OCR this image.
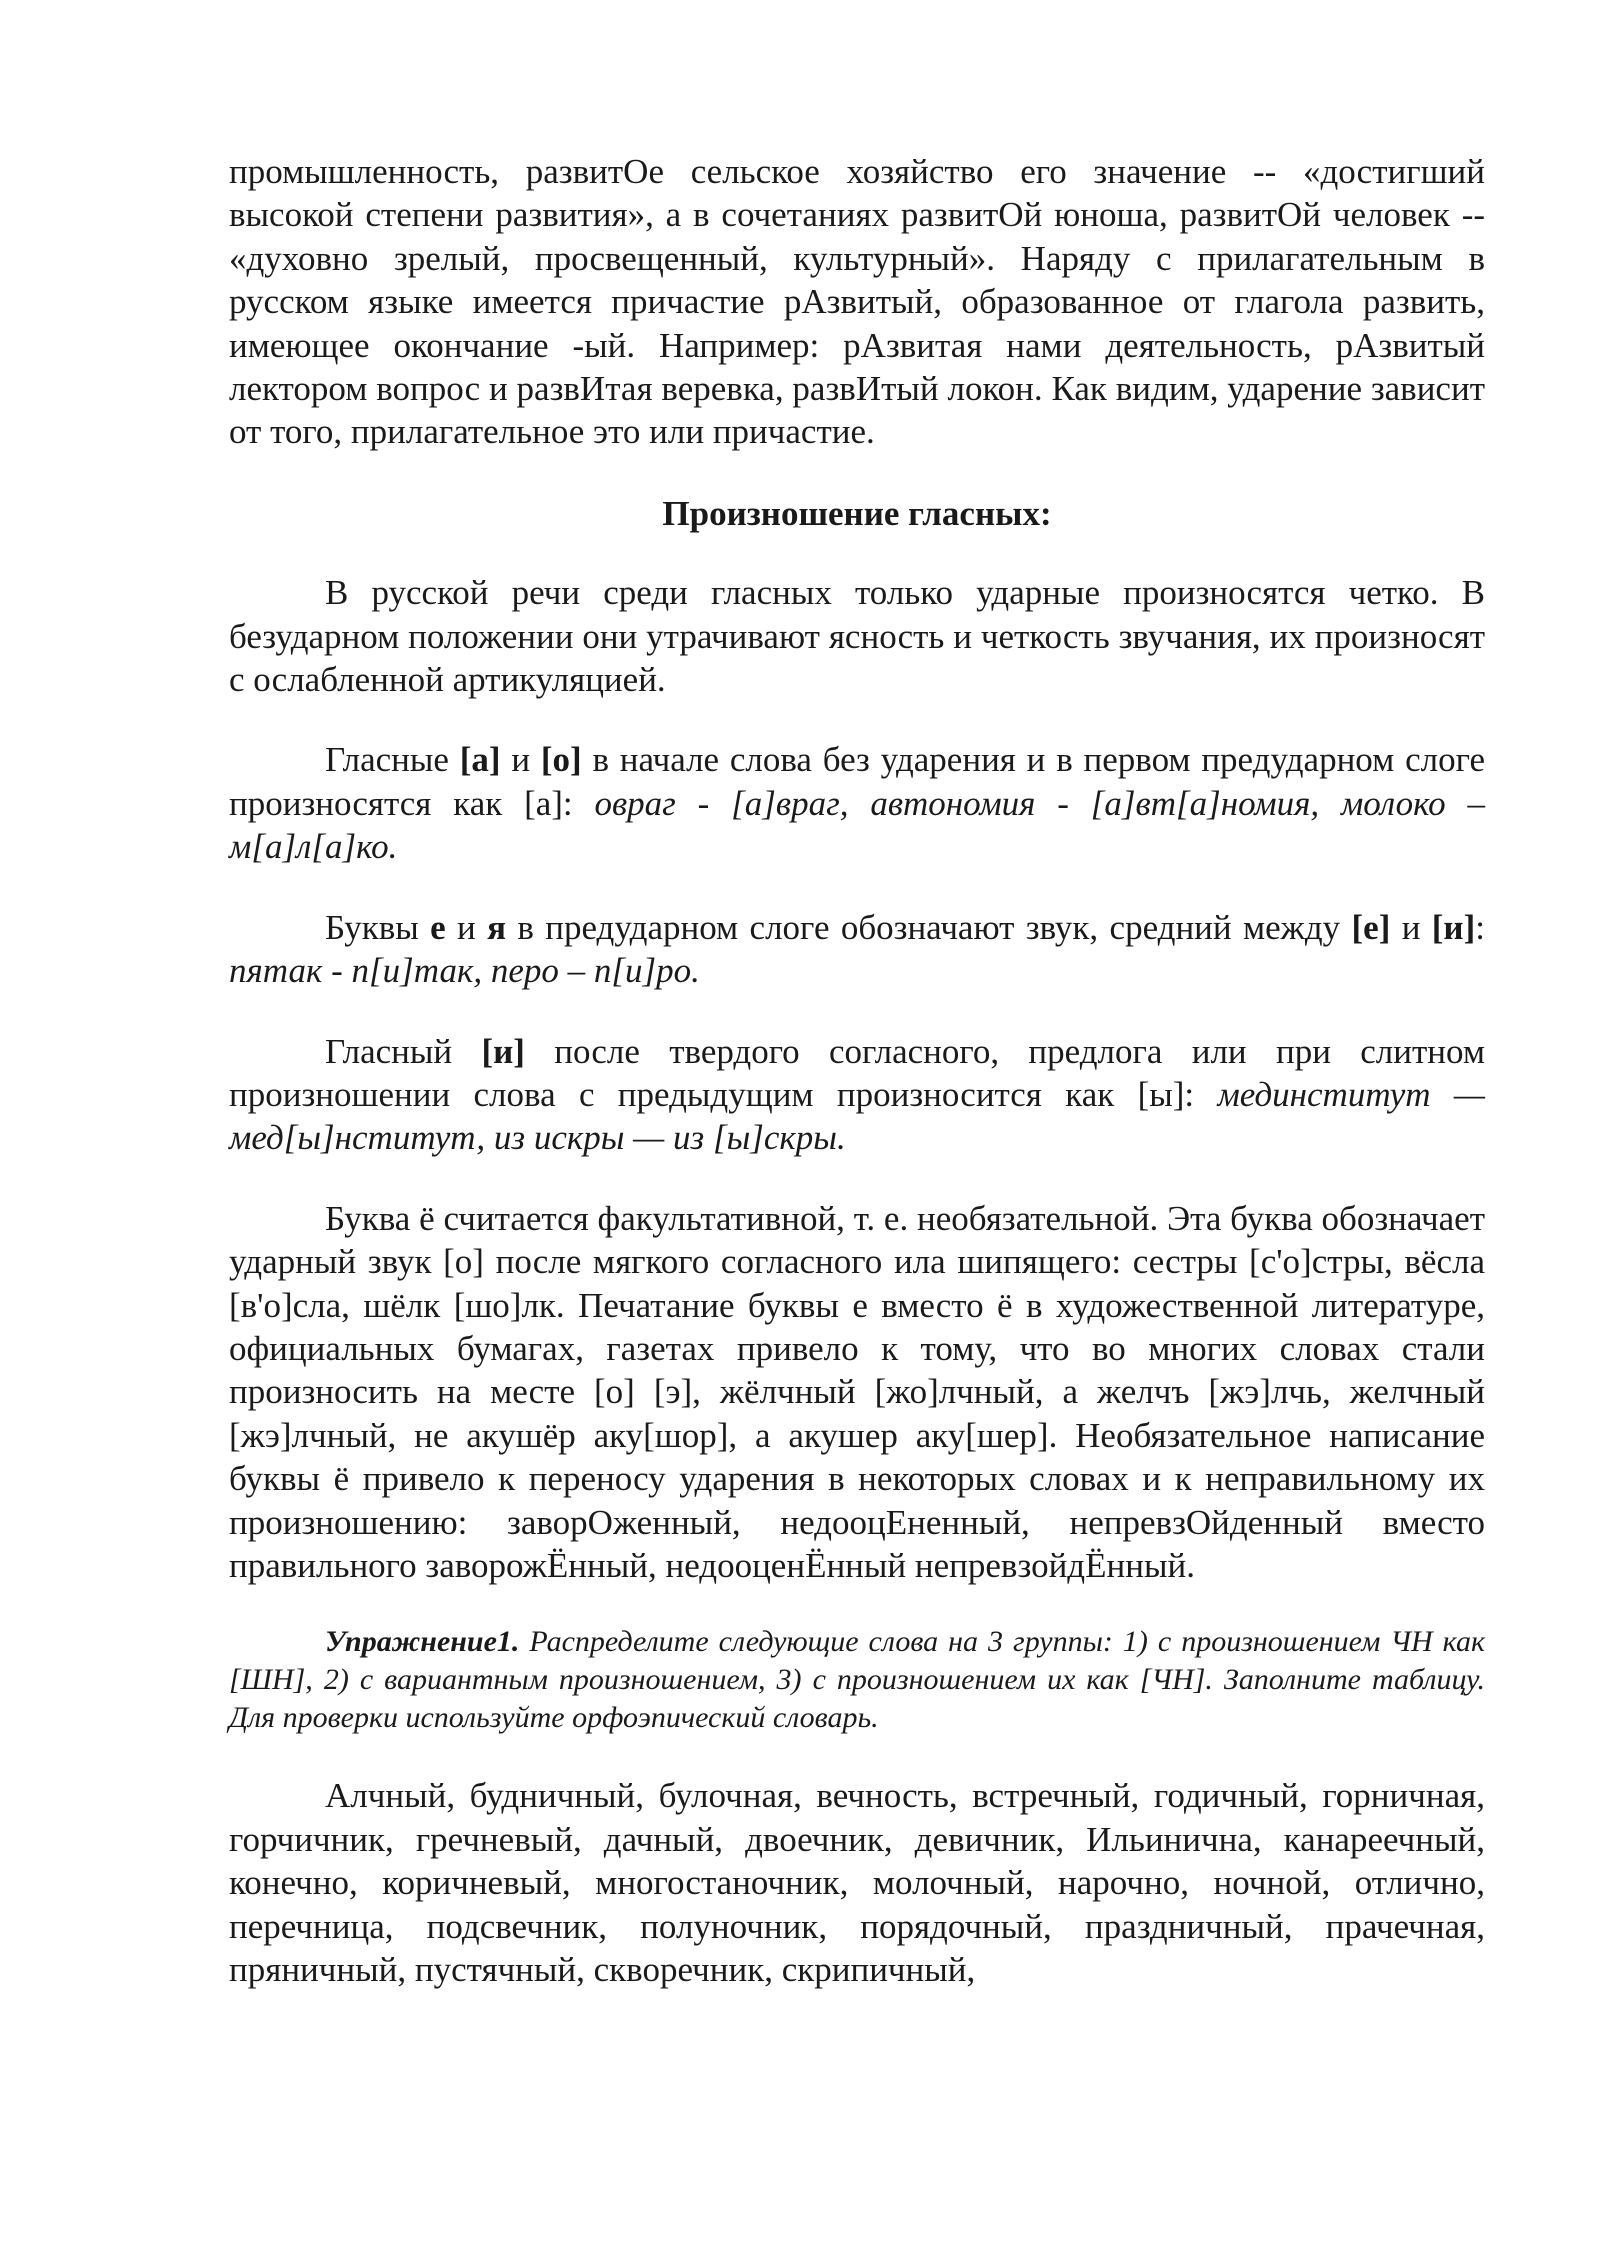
промышленность, развитОе сельское хозяйство его значение -- «достигший высокой степени развития», а в сочетаниях развитОй юноша, развитОй человек -- «духовно зрелый, просвещенный, культурный». Наряду с прилагательным в русском языке имеется причастие рАзвитый, образованное от глагола развить, имеющее окончание -ый. Например: рАзвитая нами деятельность, рАзвитый лектором вопрос и развИтая веревка, развИтый локон. Как видим, ударение зависит от того, прилагательное это или причастие.

Произношение гласных:

В русской речи среди гласных только ударные произносятся четко. В безударном положении они утрачивают ясность и четкость звучания, их произносят с ослабленной артикуляцией.

Гласные [а] и [о] в начале слова без ударения и в первом предударном слоге произносятся как [а]: овраг - [а]враг, автономия - [а]вт[а]номия, молоко – м[а]л[а]ко.

Буквы е и я в предударном слоге обозначают звук, средний между [е] и [и]: пятак - п[и]так, перо – п[и]ро.

Гласный [и] после твердого согласного, предлога или при слитном произношении слова с предыдущим произносится как [ы]: мединститут — мед[ы]нститут, из искры — из [ы]скры.

Буква ё считается факультативной, т. е. необязательной. Эта буква обозначает ударный звук [о] после мягкого согласного ила шипящего: сестры [с'о]стры, вёсла [в'о]сла, шёлк [шо]лк. Печатание буквы е вместо ё в художественной литературе, официальных бумагах, газетах привело к тому, что во многих словах стали произносить на месте [о] [э], жёлчный [жо]лчный, а желчъ [жэ]лчь, желчный [жэ]лчный, не акушёр аку[шор], а акушер аку[шер]. Необязательное написание буквы ё привело к переносу ударения в некоторых словах и к неправильному их произношению: заворОженный, недооцЕненный, непревзОйденный вместо правильного заворожЁнный, недооценЁнный непревзойдЁнный.

Упражнение1. Распределите следующие слова на 3 группы: 1) с произношением ЧН как [ШН], 2) с вариантным произношением, 3) с произношением их как [ЧН]. Заполните таблицу. Для проверки используйте орфоэпический словарь.

Алчный, будничный, булочная, вечность, встречный, годичный, горничная, горчичник, гречневый, дачный, двоечник, девичник, Ильинична, канареечный, конечно, коричневый, многостаночник, молочный, нарочно, ночной, отлично, перечница, подсвечник, полуночник, порядочный, праздничный, прачечная, пряничный, пустячный, скворечник, скрипичный,
